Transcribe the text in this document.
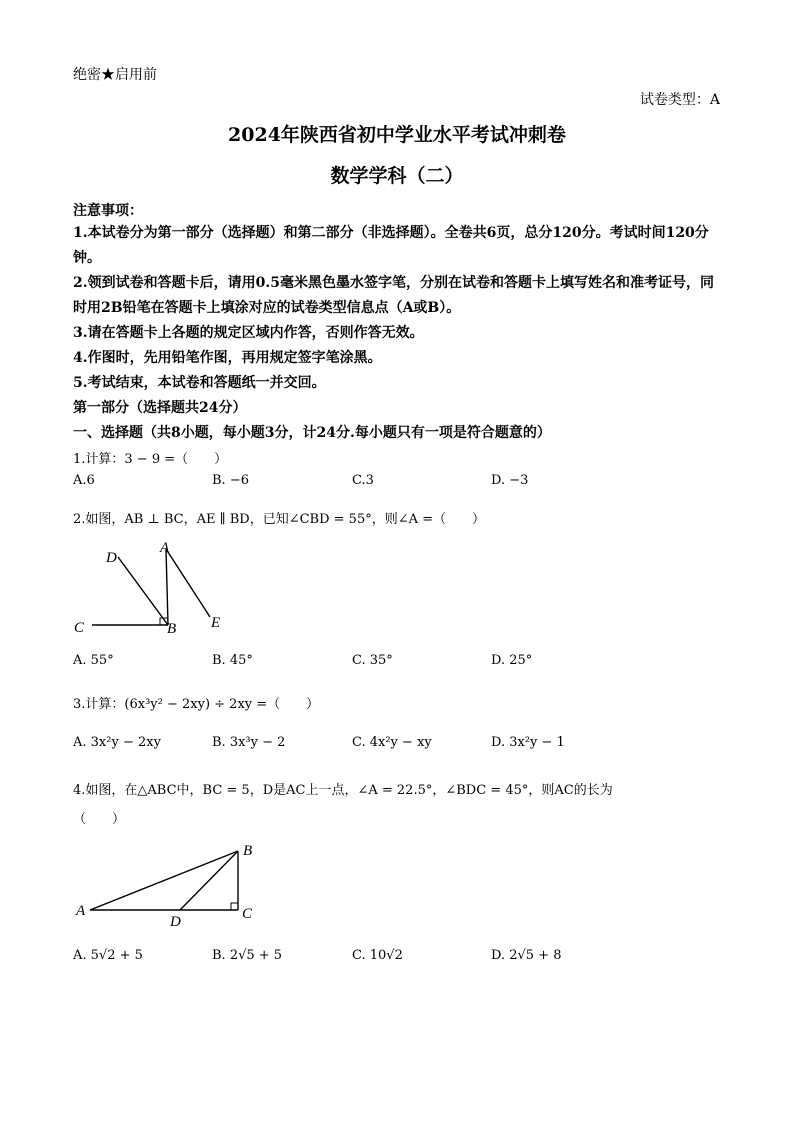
绝密★启用前
试卷类型：A
2024年陕西省初中学业水平考试冲刺卷
数学学科（二）
注意事项：

1.本试卷分为第一部分（选择题）和第二部分（非选择题）。全卷共6页，总分120分。考试时间120分钟。

2.领到试卷和答题卡后，请用0.5毫米黑色墨水签字笔，分别在试卷和答题卡上填写姓名和准考证号，同时用2B铅笔在答题卡上填涂对应的试卷类型信息点（A或B）。

3.请在答题卡上各题的规定区域内作答，否则作答无效。

4.作图时，先用铅笔作图，再用规定签字笔涂黑。

5.考试结束，本试卷和答题纸一并交回。

第一部分（选择题共24分）
一、选择题（共8小题，每小题3分，计24分.每小题只有一项是符合题意的）
1.计算：3 − 9 =（　　）
A.6	B. −6	C.3	D. −3
2.如图，AB ⊥ BC，AE ∥ BD，已知∠CBD = 55°，则∠A =（　　）
D
A
C	B E
A. 55°	B. 45°	C. 35°	D. 25°
3.计算：(6x³y² − 2xy) ÷ 2xy =（　　）
A. 3x²y − 2xy	B. 3x³y − 2	C. 4x²y − xy	D. 3x²y − 1
4.如图，在△ABC中，BC = 5，D是AC上一点，∠A = 22.5°，∠BDC = 45°，则AC的长为
（　　）
B
A
D	C
A. 5√2 + 5	B. 2√5 + 5	C. 10√2	D. 2√5 + 8
